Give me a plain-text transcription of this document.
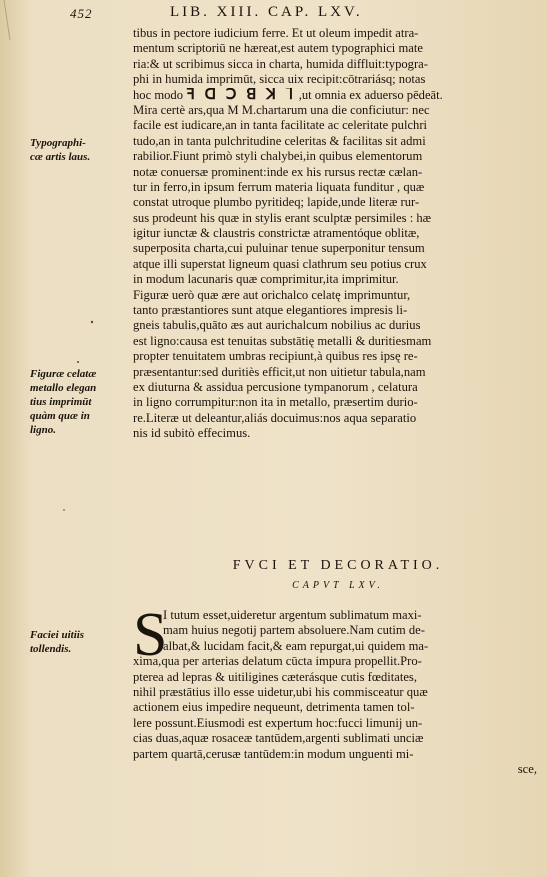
452	LIB. XIII. CAP. LXV.
Typographi-
cæ artis laus.
Figuræ celatæ
metallo elegan
tius imprimūt
quàm quæ in
ligno.
Faciei uitiis
tollendis.
tibus in pectore iudicium ferre. Et ut oleum impedit atra-
mentum scriptoriū ne hæreat,est autem typographici mate
ria:& ut scribimus sicca in charta, humida diffluit:typogra-
phi in humida imprimūt, sicca uix recipit:cōtrariásq; notas
hoc modo ꟻ ꓷ Ↄ ꓭ ꓘ Ⴈ ,ut omnia ex aduerso pēdeāt.
Mira certè ars,qua M M.chartarum una die conficiutur: nec
facile est iudicare,an in tanta facilitate ac celeritate pulchri
tudo,an in tanta pulchritudine celeritas & facilitas sit admi
rabilior.Fiunt primò styli chalybei,in quibus elementorum
notæ conuersæ prominent:inde ex his rursus rectæ cælan-
tur in ferro,in ipsum ferrum materia liquata funditur , quæ
constat utroque plumbo pyritideq; lapide,unde literæ rur-
sus prodeunt his quæ in stylis erant sculptæ persimiles : hæ
igitur iunctæ & claustris constrictæ atramentóque oblitæ,
superposita charta,cui puluinar tenue superponitur tensum
atque illi superstat ligneum quasi clathrum seu potius crux
in modum lacunaris quæ comprimitur,ita imprimitur.
Figuræ uerò quæ ære aut orichalco celatę imprimuntur,
tanto præstantiores sunt atque elegantiores impresis li-
gneis tabulis,quāto æs aut aurichalcum nobilius ac durius
est ligno:causa est tenuitas substātię metalli & duritiesmam
propter tenuitatem umbras recipiunt,à quibus res ipsę re-
præsentantur:sed duritiès efficit,ut non uitietur tabula,nam
ex diuturna & assidua percusione tympanorum , celatura
in ligno corrumpitur:non ita in metallo, præsertim durio-
re.Literæ ut deleantur,aliás docuimus:nos aqua separatio
nis id subitò effecimus.
FVCI ET DECORATIO.
CAPVT LXV.
S
I tutum esset,uideretur argentum sublimatum maxi-
mam huius negotij partem absoluere.Nam cutim de-
albat,& lucidam facit,& eam repurgat,ui quidem ma-
xima,qua per arterias delatum cūcta impura propellit.Pro-
pterea ad lepras & uitiligines cæterásque cutis fœditates,
nihil præstātius illo esse uidetur,ubi his commisceatur quæ
actionem eius impedire nequeunt, detrimenta tamen tol-
lere possunt.Eiusmodi est expertum hoc:fucci limunij un-
cias duas,aquæ rosaceæ tantūdem,argenti sublimati unciæ
partem quartā,cerusæ tantūdem:in modum unguenti mi-
sce,
